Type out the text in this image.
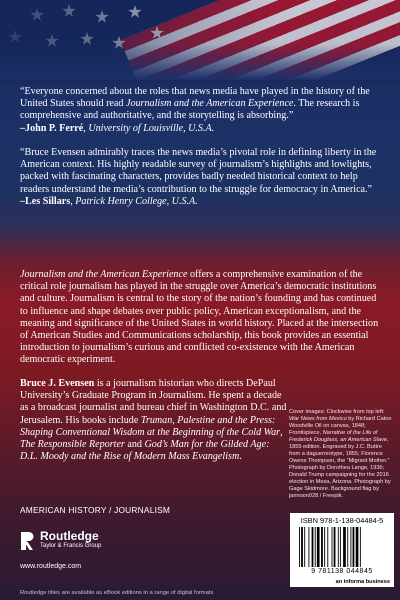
“Everyone concerned about the roles that news media have played in the history of the United States should read Journalism and the American Experience. The research is comprehensive and authoritative, and the storytelling is absorbing.”

–John P. Ferré, University of Louisville, U.S.A.

“Bruce Evensen admirably traces the news media’s pivotal role in defining liberty in the American context. His highly readable survey of journalism’s highlights and lowlights, packed with fascinating characters, provides badly needed historical context to help readers understand the media’s contribution to the struggle for democracy in America.”

–Les Sillars, Patrick Henry College, U.S.A.

Journalism and the American Experience offers a comprehensive examination of the critical role journalism has played in the struggle over America’s democratic institutions and culture. Journalism is central to the story of the nation’s founding and has continued to influence and shape debates over public policy, American exceptionalism, and the meaning and significance of the United States in world history. Placed at the intersection of American Studies and Communications scholarship, this book provides an essential introduction to journalism’s curious and conflicted co-existence with the American democratic experiment.

Bruce J. Evensen is a journalism historian who directs DePaul University’s Graduate Program in Journalism. He spent a decade as a broadcast journalist and bureau chief in Washington D.C. and Jerusalem. His books include Truman, Palestine and the Press: Shaping Conventional Wisdom at the Beginning of the Cold War, The Responsible Reporter and God’s Man for the Gilded Age: D.L. Moody and the Rise of Modern Mass Evangelism.

Cover images: Clockwise from top left: War News from Mexico by Richard Caton Woodville Oil on canvas, 1848; Frontispiece, Narrative of the Life of Frederick Douglass, an American Slave, 1855 edition. Engraved by J.C. Buttre from a daguerreotype, 1855; Florence Owens Thompson, the “Migrant Mother.” Photograph by Dorothea Lange, 1936; Donald Trump campaigning for the 2016 election in Mesa, Arizona. Photograph by Gage Skidmore. Background flag by jannoon028 / Freepik.
AMERICAN HISTORY / JOURNALISM
Routledge
Taylor & Francis Group
www.routledge.com
ISBN 978-1-138-04484-5
9 781138 044845
an informa business
Routledge titles are available as eBook editions in a range of digital formats
